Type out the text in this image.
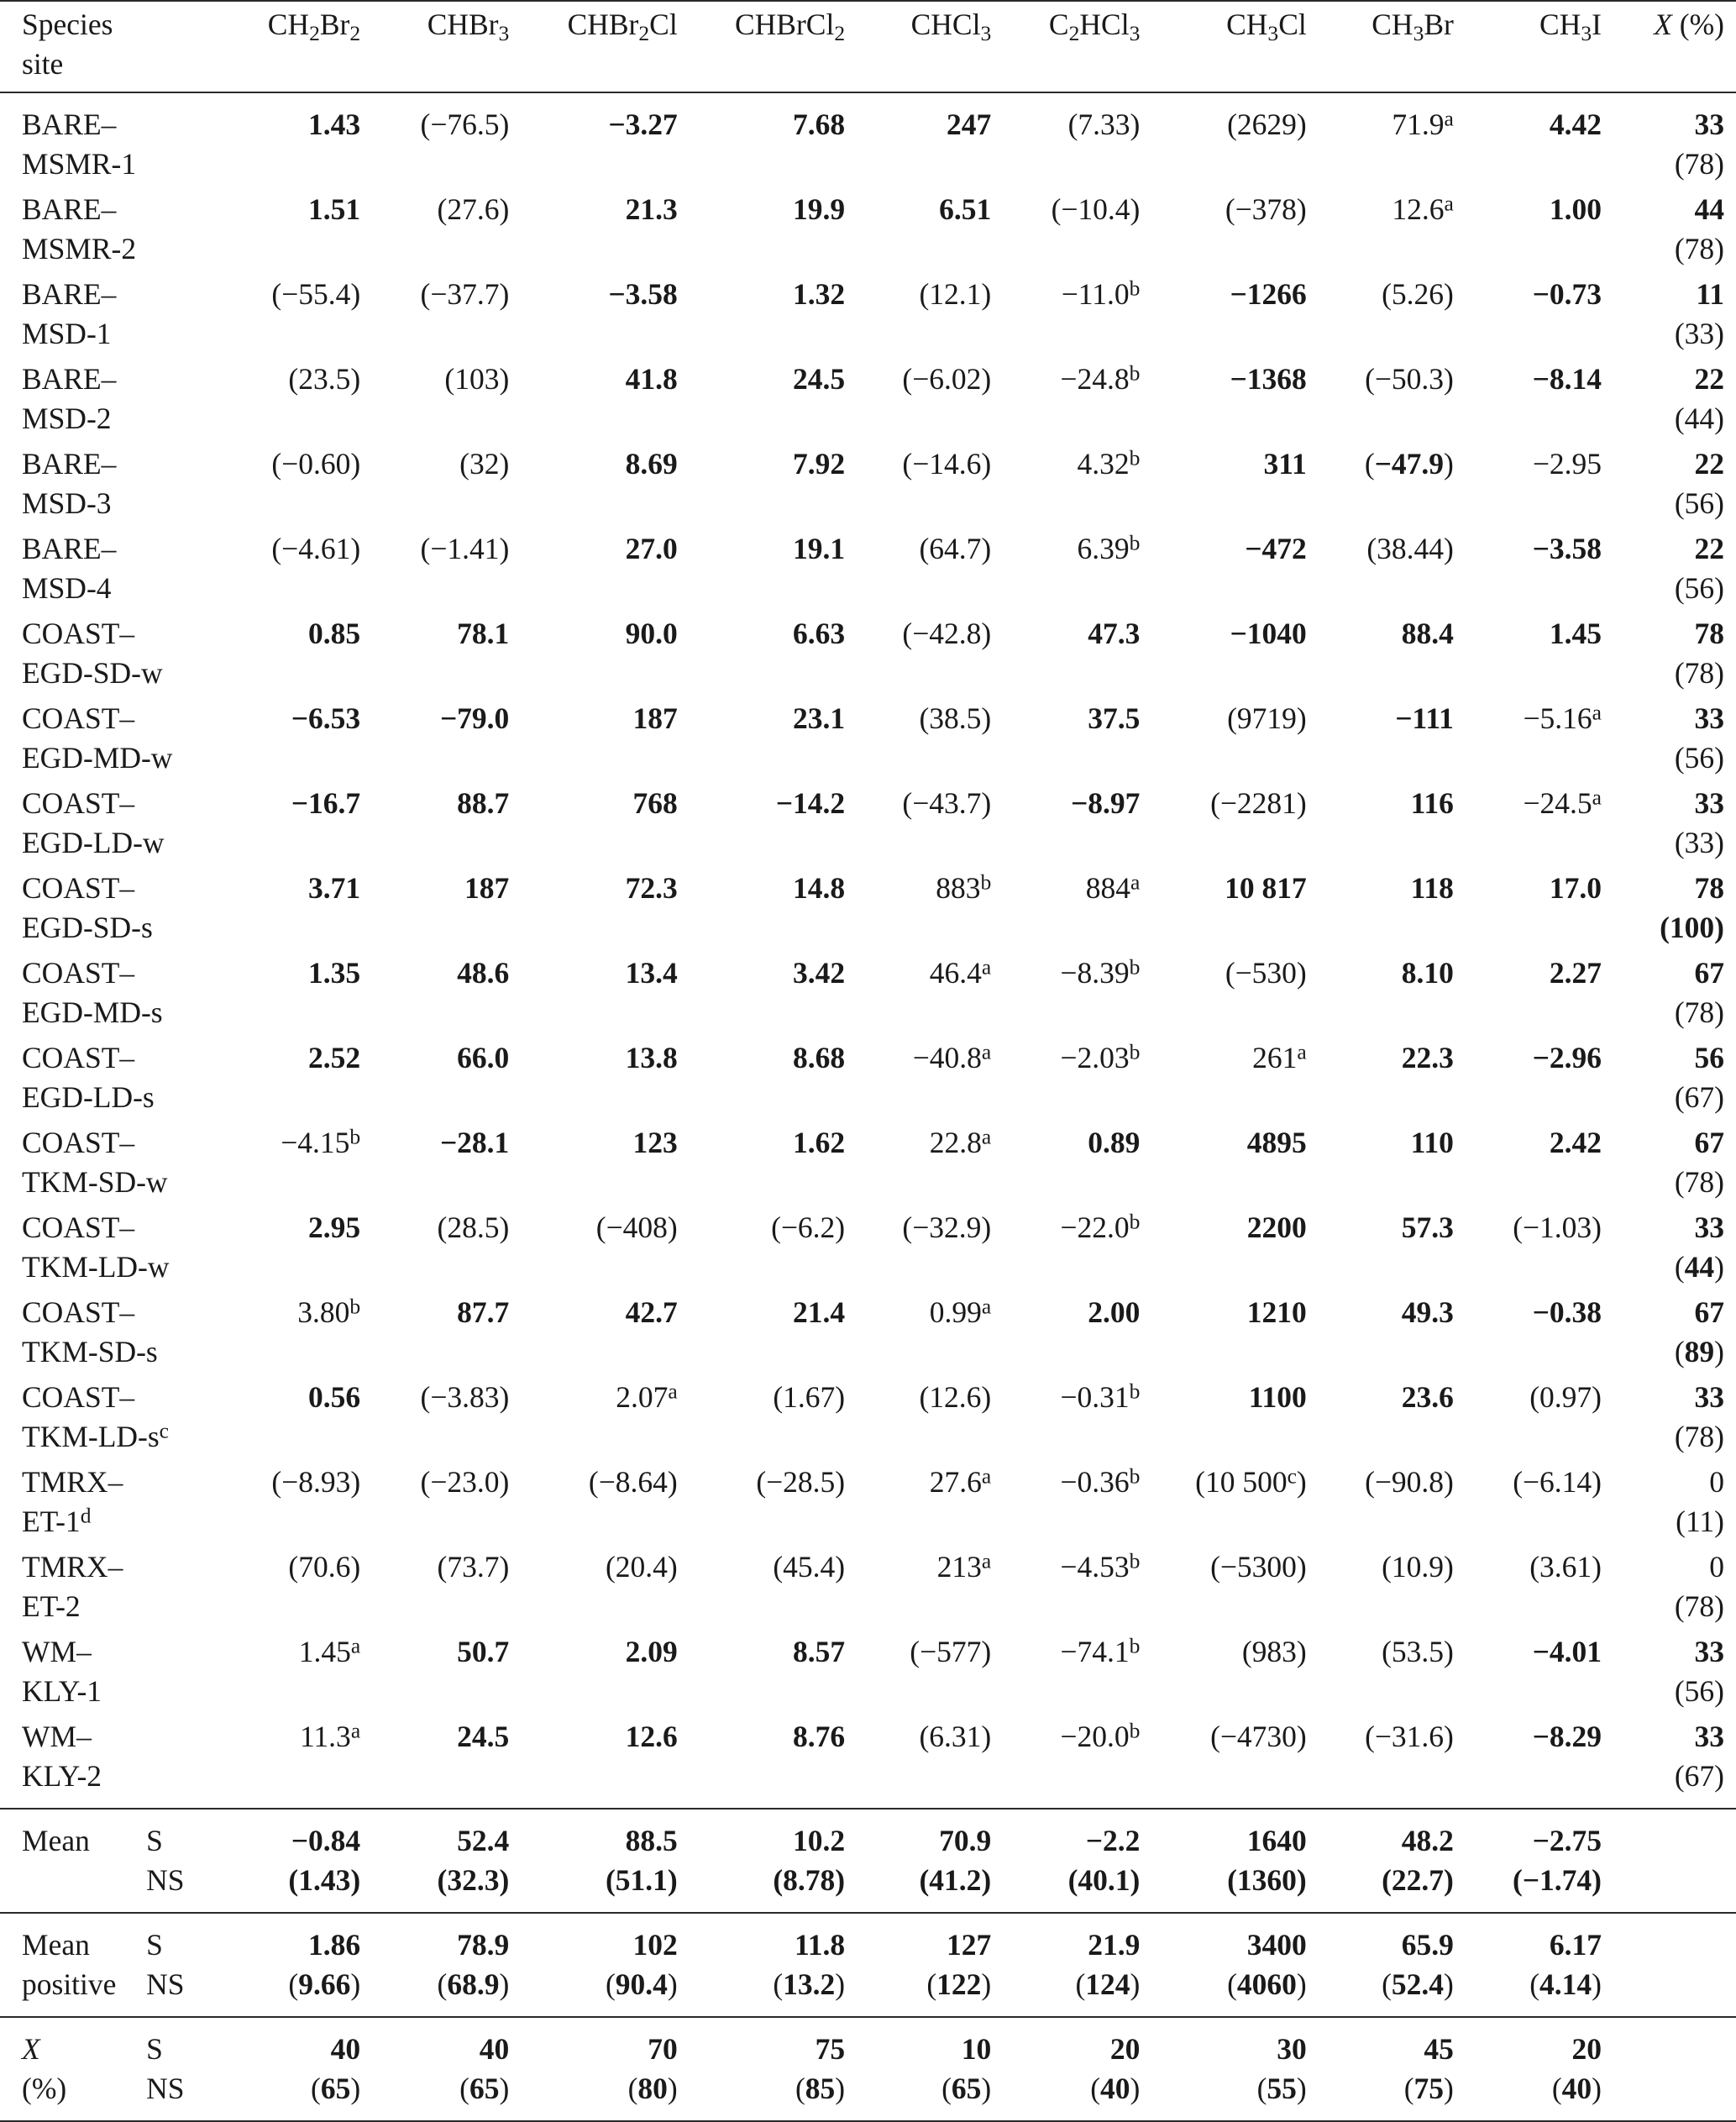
Species
site		$CH_2Br_2$	CHBr$_3$	CHBr$_2$Cl	CHBrCl$_2$	CHCl$_3$	$C_2HCl_3$	$CH_3Cl$	$CH_3Br$	$CH_3I$	X (%)
BARE–		1.43	(−76.5)	−3.27	7.68	247	(7.33)	(2629)	71.9$^a$	4.42	33
MSMR-1											(78)
BARE–		1.51	(27.6)	21.3	19.9	6.51	(−10.4)	(−378)	12.6$^a$	1.00	44
MSMR-2											(78)
BARE–		(−55.4)	(−37.7)	−3.58	1.32	(12.1)	−11.0$^b$	−1266	(5.26)	−0.73	11
MSD-1											(33)
BARE–		(23.5)	(103)	41.8	24.5	(−6.02)	−24.8$^b$	−1368	(−50.3)	−8.14	22
MSD-2											(44)
BARE–		(−0.60)	(32)	8.69	7.92	(−14.6)	4.32$^b$	311	(−47.9)	−2.95	22
MSD-3											(56)
BARE–		(−4.61)	(−1.41)	27.0	19.1	(64.7)	6.39$^b$	−472	(38.44)	−3.58	22
MSD-4											(56)
COAST–		0.85	78.1	90.0	6.63	(−42.8)	47.3	−1040	88.4	1.45	78
EGD-SD-w											(78)
COAST–		−6.53	−79.0	187	23.1	(38.5)	37.5	(9719)	−111	−5.16$^a$	33
EGD-MD-w											(56)
COAST–		−16.7	88.7	768	−14.2	(−43.7)	−8.97	(−2281)	116	−24.5$^a$	33
EGD-LD-w											(33)
COAST–		3.71	187	72.3	14.8	883$^b$	884$^a$	10 817	118	17.0	78
EGD-SD-s											(100)
COAST–		1.35	48.6	13.4	3.42	46.4$^a$	−8.39$^b$	(−530)	8.10	2.27	67
EGD-MD-s											(78)
COAST–		2.52	66.0	13.8	8.68	−40.8$^a$	−2.03$^b$	261$^a$	22.3	−2.96	56
EGD-LD-s											(67)
COAST–		−4.15$^b$	−28.1	123	1.62	22.8$^a$	0.89	4895	110	2.42	67
TKM-SD-w											(78)
COAST–		2.95	(28.5)	(−408)	(−6.2)	(−32.9)	−22.0$^b$	2200	57.3	(−1.03)	33
TKM-LD-w											(44)
COAST–		3.80$^b$	87.7	42.7	21.4	0.99$^a$	2.00	1210	49.3	−0.38	67
TKM-SD-s											(89)
COAST–		0.56	(−3.83)	2.07$^a$	(1.67)	(12.6)	−0.31$^b$	1100	23.6	(0.97)	33
TKM-$LD-s^c$											(78)
TMRX–		(−8.93)	(−23.0)	(−8.64)	(−28.5)	27.6$^a$	−0.36$^b$	(10 500$^c$)	(−90.8)	(−6.14)	0
ET-1$^d$											(11)
TMRX–		(70.6)	(73.7)	(20.4)	(45.4)	$213^a$	−4.53$^b$	(−5300)	(10.9)	(3.61)	0
ET-2											(78)
WM–		1.45$^a$	50.7	2.09	8.57	(−577)	−74.1$^b$	(983)	(53.5)	−4.01	33
KLY-1											(56)
WM–		11.3$^a$	24.5	12.6	8.76	(6.31)	−20.0$^b$	(−4730)	(−31.6)	−8.29	33
KLY-2											(67)
Mean	S	−0.84	52.4	88.5	10.2	70.9	−2.2	1640	48.2	−2.75	
	NS	(1.43)	(32.3)	(51.1)	(8.78)	(41.2)	(40.1)	(1360)	(22.7)	(−1.74)	
Mean	S	1.86	78.9	102	11.8	127	21.9	3400	65.9	6.17	
positive	NS	(9.66)	(68.9)	(90.4)	(13.2)	(122)	(124)	(4060)	(52.4)	(4.14)	
X	S	40	40	70	75	10	20	30	45	20	
(%)	NS	(65)	(65)	(80)	(85)	(65)	(40)	(55)	(75)	(40)	
